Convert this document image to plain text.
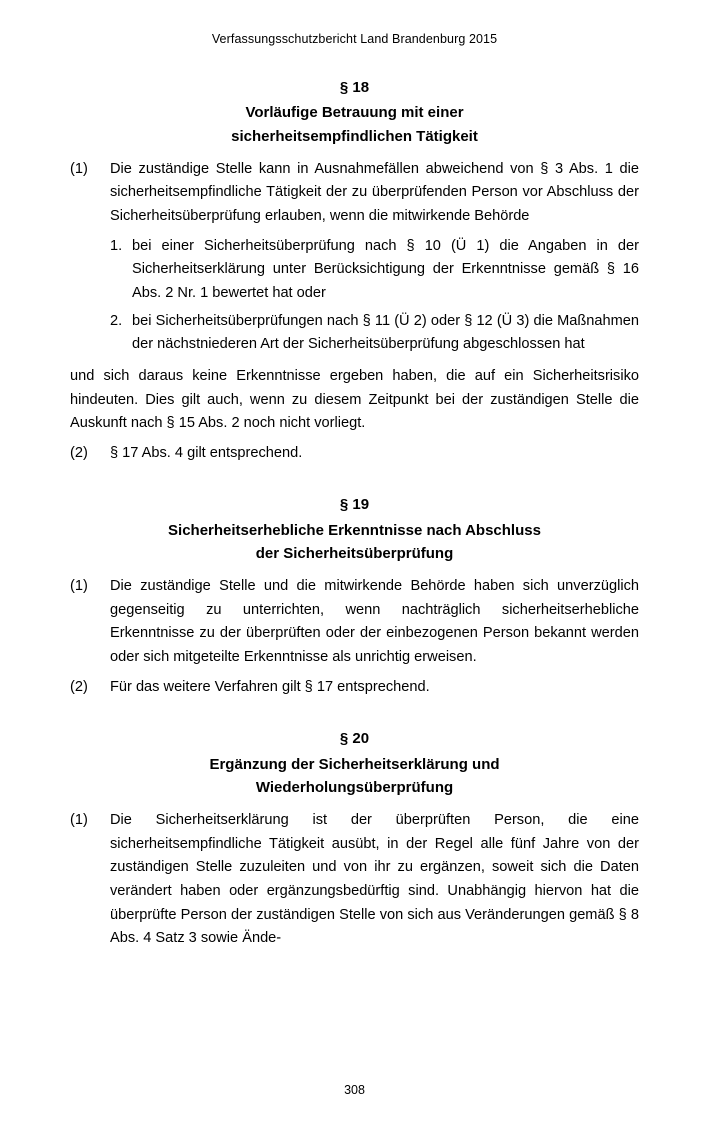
Verfassungsschutzbericht Land Brandenburg 2015
§ 18
Vorläufige Betrauung mit einer
sicherheitsempfindlichen Tätigkeit
(1)	Die zuständige Stelle kann in Ausnahmefällen abweichend von § 3 Abs. 1 die sicherheitsempfindliche Tätigkeit der zu überprüfenden Person vor Abschluss der Sicherheitsüberprüfung erlauben, wenn die mitwirkende Behörde
1. bei einer Sicherheitsüberprüfung nach § 10 (Ü 1) die Angaben in der Sicherheitserklärung unter Berücksichtigung der Erkenntnisse gemäß § 16 Abs. 2 Nr. 1 bewertet hat oder
2. bei Sicherheitsüberprüfungen nach § 11 (Ü 2) oder § 12 (Ü 3) die Maßnahmen der nächstniederen Art der Sicherheitsüberprüfung abgeschlossen hat
und sich daraus keine Erkenntnisse ergeben haben, die auf ein Sicherheitsrisiko hindeuten. Dies gilt auch, wenn zu diesem Zeitpunkt bei der zuständigen Stelle die Auskunft nach § 15 Abs. 2 noch nicht vorliegt.
(2)	§ 17 Abs. 4 gilt entsprechend.
§ 19
Sicherheitserhebliche Erkenntnisse nach Abschluss
der Sicherheitsüberprüfung
(1)	Die zuständige Stelle und die mitwirkende Behörde haben sich unverzüglich gegenseitig zu unterrichten, wenn nachträglich sicherheitserhebliche Erkenntnisse zu der überprüften oder der einbezogenen Person bekannt werden oder sich mitgeteilte Erkenntnisse als unrichtig erweisen.
(2)	Für das weitere Verfahren gilt § 17 entsprechend.
§ 20
Ergänzung der Sicherheitserklärung und
Wiederholungsüberprüfung
(1)	Die Sicherheitserklärung ist der überprüften Person, die eine sicherheitsempfindliche Tätigkeit ausübt, in der Regel alle fünf Jahre von der zuständigen Stelle zuzuleiten und von ihr zu ergänzen, soweit sich die Daten verändert haben oder ergänzungsbedürftig sind. Unabhängig hiervon hat die überprüfte Person der zuständigen Stelle von sich aus Veränderungen gemäß § 8 Abs. 4 Satz 3 sowie Ände-
308
